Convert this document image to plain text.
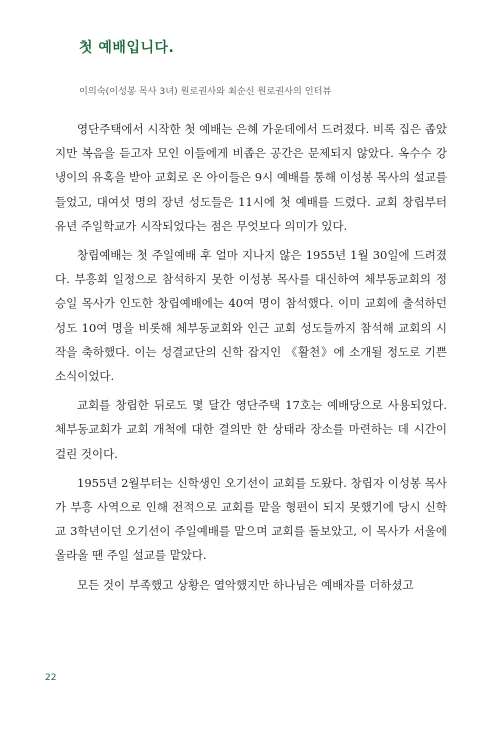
첫 예배입니다.
이의숙(이성봉 목사 3녀) 원로권사와 최순신 원로권사의 인터뷰

영단주택에서 시작한 첫 예배는 은혜 가운데에서 드려졌다. 비록 집은 좁았지만 복음을 듣고자 모인 이들에게 비좁은 공간은 문제되지 않았다. 옥수수 강냉이의 유혹을 받아 교회로 온 아이들은 9시 예배를 통해 이성봉 목사의 설교를 들었고, 대여섯 명의 장년 성도들은 11시에 첫 예배를 드렸다. 교회 창립부터 유년 주일학교가 시작되었다는 점은 무엇보다 의미가 있다.

창립예배는 첫 주일예배 후 얼마 지나지 않은 1955년 1월 30일에 드려졌다. 부흥회 일정으로 참석하지 못한 이성봉 목사를 대신하여 체부동교회의 정승일 목사가 인도한 창립예배에는 40여 명이 참석했다. 이미 교회에 출석하던 성도 10여 명을 비롯해 체부동교회와 인근 교회 성도들까지 참석해 교회의 시작을 축하했다. 이는 성결교단의 신학 잡지인 《활천》에 소개될 정도로 기쁜 소식이었다.

교회를 창립한 뒤로도 몇 달간 영단주택 17호는 예배당으로 사용되었다. 체부동교회가 교회 개척에 대한 결의만 한 상태라 장소를 마련하는 데 시간이 걸린 것이다.

1955년 2월부터는 신학생인 오기선이 교회를 도왔다. 창립자 이성봉 목사가 부흥 사역으로 인해 전적으로 교회를 맡을 형편이 되지 못했기에 당시 신학교 3학년이던 오기선이 주일예배를 맡으며 교회를 돌보았고, 이 목사가 서울에 올라올 땐 주일 설교를 맡았다.

모든 것이 부족했고 상황은 열악했지만 하나님은 예배자를 더하셨고

22
